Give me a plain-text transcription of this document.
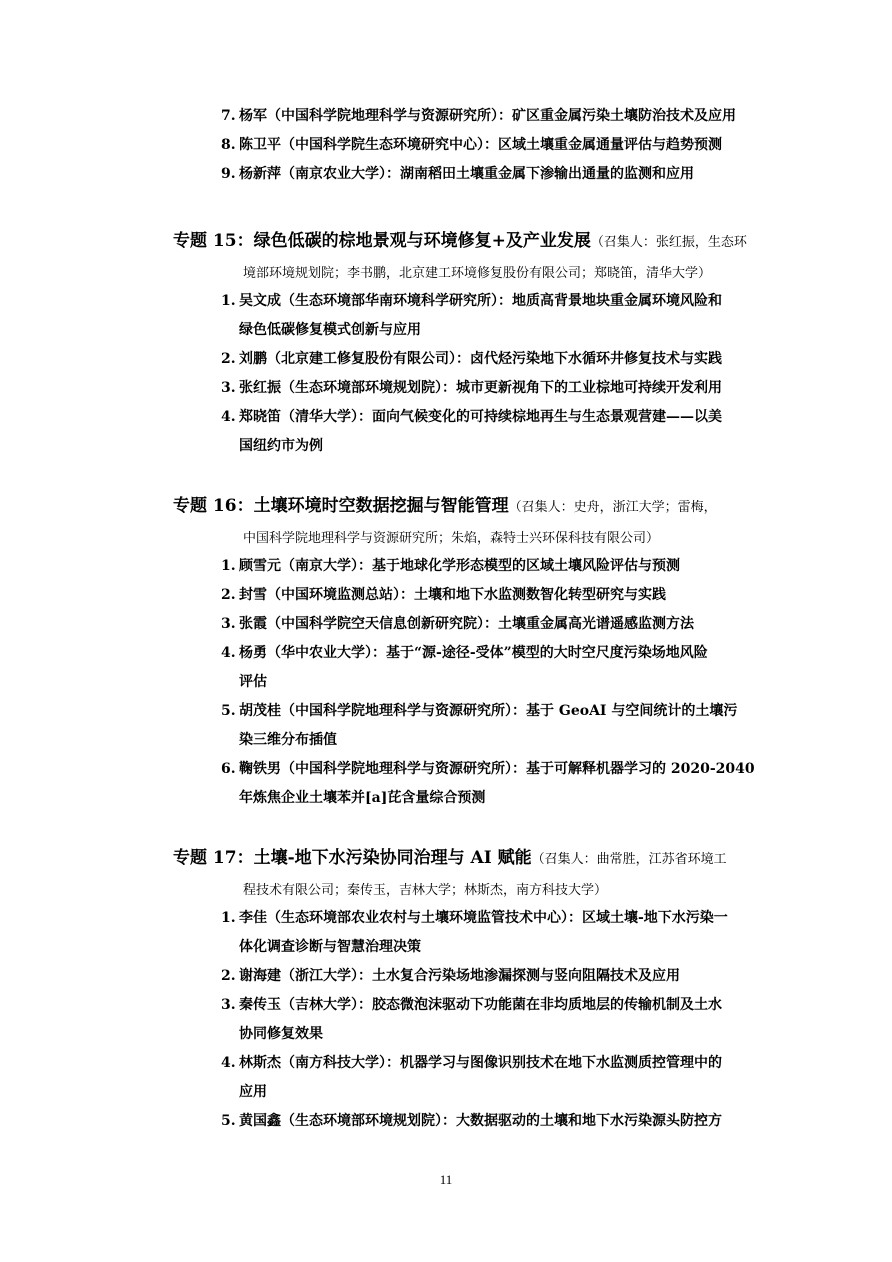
7. 杨军（中国科学院地理科学与资源研究所）：矿区重金属污染土壤防治技术及应用
8. 陈卫平（中国科学院生态环境研究中心）：区域土壤重金属通量评估与趋势预测
9. 杨新萍（南京农业大学）：湖南稻田土壤重金属下渗输出通量的监测和应用
专题 15：绿色低碳的棕地景观与环境修复+及产业发展（召集人：张红振，生态环
境部环境规划院；李书鹏，北京建工环境修复股份有限公司；郑晓笛，清华大学）
1. 吴文成（生态环境部华南环境科学研究所）：地质高背景地块重金属环境风险和
绿色低碳修复模式创新与应用
2. 刘鹏（北京建工修复股份有限公司）：卤代烃污染地下水循环井修复技术与实践
3. 张红振（生态环境部环境规划院）：城市更新视角下的工业棕地可持续开发利用
4. 郑晓笛（清华大学）：面向气候变化的可持续棕地再生与生态景观营建——以美
国纽约市为例
专题 16：土壤环境时空数据挖掘与智能管理（召集人：史舟，浙江大学；雷梅，
中国科学院地理科学与资源研究所；朱焰，森特士兴环保科技有限公司）
1. 顾雪元（南京大学）：基于地球化学形态模型的区域土壤风险评估与预测
2. 封雪（中国环境监测总站）：土壤和地下水监测数智化转型研究与实践
3. 张霞（中国科学院空天信息创新研究院）：土壤重金属高光谱遥感监测方法
4. 杨勇（华中农业大学）：基于“源-途径-受体”模型的大时空尺度污染场地风险
评估
5. 胡茂桂（中国科学院地理科学与资源研究所）：基于 GeoAI 与空间统计的土壤污
染三维分布插值
6. 鞠铁男（中国科学院地理科学与资源研究所）：基于可解释机器学习的 2020-2040
年炼焦企业土壤苯并[a]芘含量综合预测
专题 17：土壤-地下水污染协同治理与 AI 赋能（召集人：曲常胜，江苏省环境工
程技术有限公司；秦传玉，吉林大学；林斯杰，南方科技大学）
1. 李佳（生态环境部农业农村与土壤环境监管技术中心）：区域土壤-地下水污染一
体化调查诊断与智慧治理决策
2. 谢海建（浙江大学）：土水复合污染场地渗漏探测与竖向阻隔技术及应用
3. 秦传玉（吉林大学）：胶态微泡沫驱动下功能菌在非均质地层的传输机制及土水
协同修复效果
4. 林斯杰（南方科技大学）：机器学习与图像识别技术在地下水监测质控管理中的
应用
5. 黄国鑫（生态环境部环境规划院）：大数据驱动的土壤和地下水污染源头防控方
11
